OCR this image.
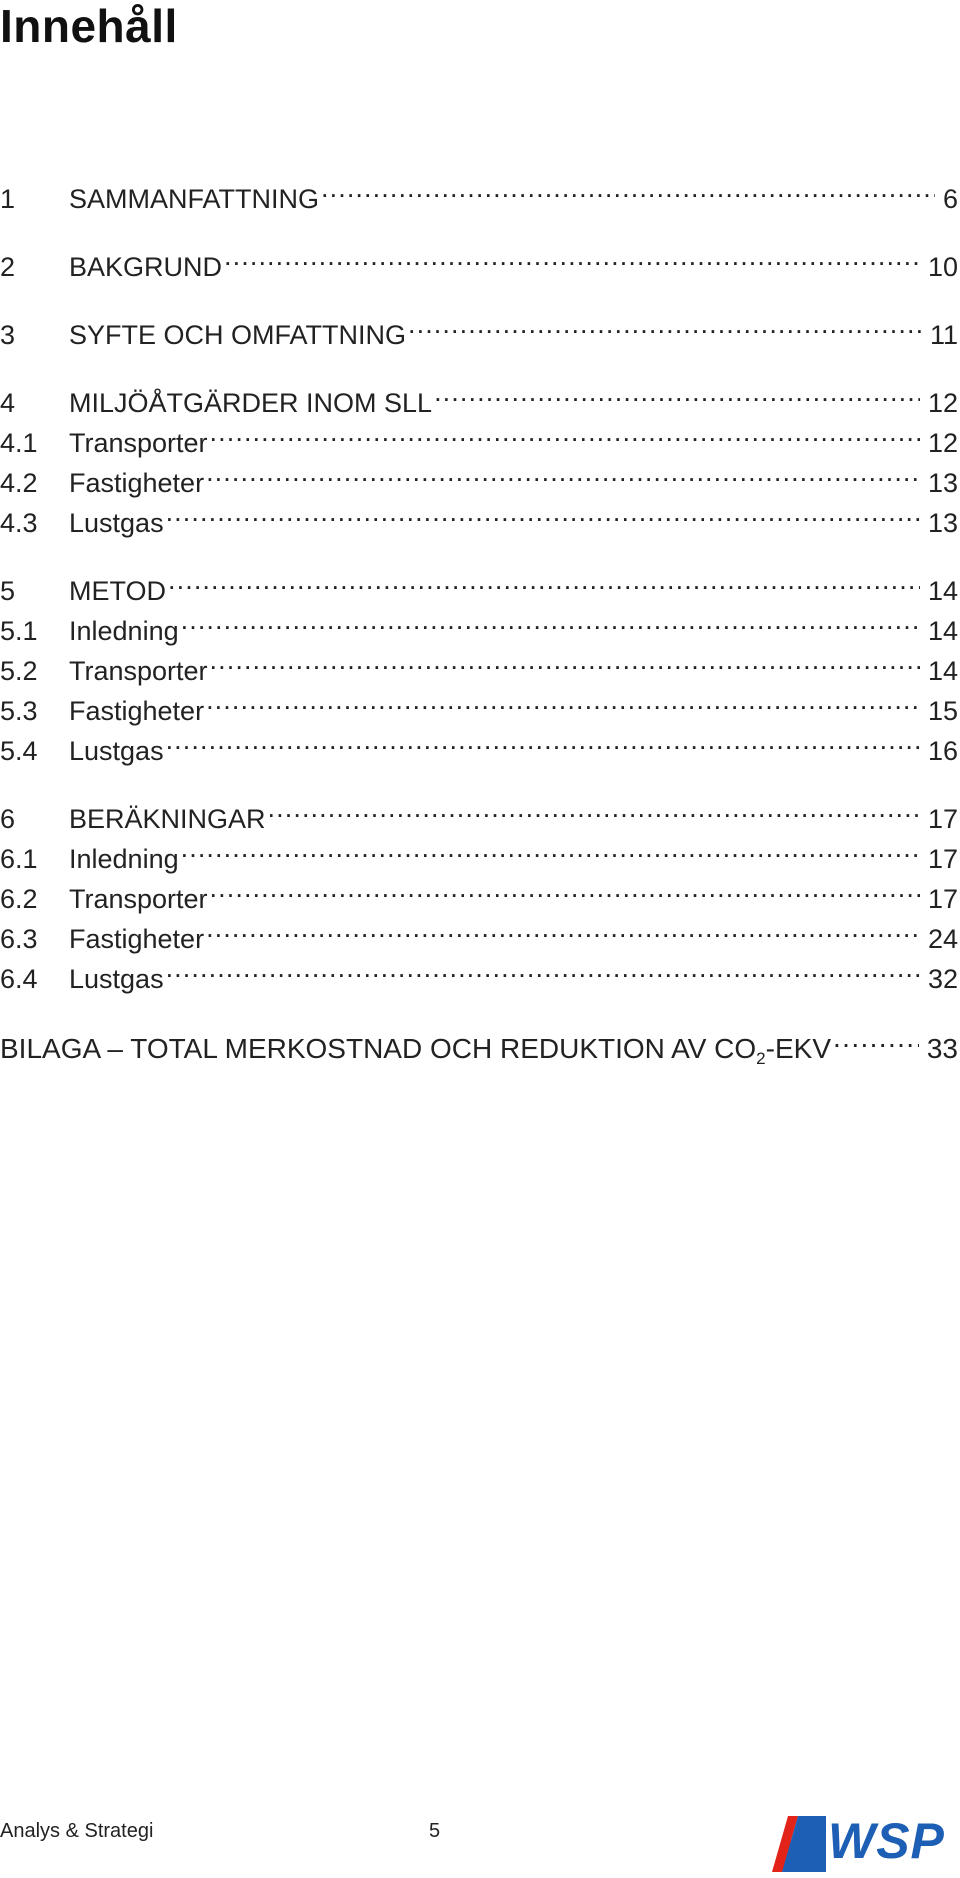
Innehåll
1	SAMMANFATTNING . . .	6
2	BAKGRUND . . .	10
3	SYFTE OCH OMFATTNING . . .	11
4	MILJÖÅTGÄRDER INOM SLL . . .	12
4.1	Transporter . . .	12
4.2	Fastigheter . . .	13
4.3	Lustgas . . .	13
5	METOD . . .	14
5.1	Inledning . . .	14
5.2	Transporter . . .	14
5.3	Fastigheter . . .	15
5.4	Lustgas . . .	16
6	BERÄKNINGAR . . .	17
6.1	Inledning . . .	17
6.2	Transporter . . .	17
6.3	Fastigheter . . .	24
6.4	Lustgas . . .	32
BILAGA – TOTAL MERKOSTNAD OCH REDUKTION AV $CO_2$-EKV . . .	33
Analys & Strategi	5	WSP
